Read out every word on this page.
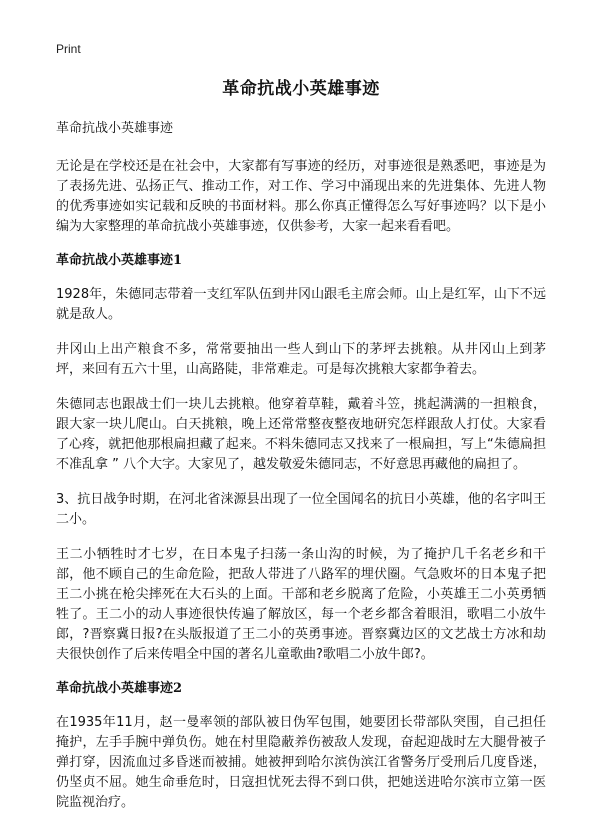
Print
革命抗战小英雄事迹
革命抗战小英雄事迹

无论是在学校还是在社会中，大家都有写事迹的经历，对事迹很是熟悉吧，事迹是为了表扬先进、弘扬正气、推动工作，对工作、学习中涌现出来的先进集体、先进人物的优秀事迹如实记载和反映的书面材料。那么你真正懂得怎么写好事迹吗？以下是小编为大家整理的革命抗战小英雄事迹，仅供参考，大家一起来看看吧。

革命抗战小英雄事迹1

1928年，朱德同志带着一支红军队伍到井冈山跟毛主席会师。山上是红军，山下不远就是敌人。

井冈山上出产粮食不多，常常要抽出一些人到山下的茅坪去挑粮。从井冈山上到茅坪，来回有五六十里，山高路陡，非常难走。可是每次挑粮大家都争着去。

朱德同志也跟战士们一块儿去挑粮。他穿着草鞋，戴着斗笠，挑起满满的一担粮食，跟大家一块儿爬山。白天挑粮，晚上还常常整夜整夜地研究怎样跟敌人打仗。大家看了心疼，就把他那根扁担藏了起来。不料朱德同志又找来了一根扁担，写上“朱德扁担不准乱拿 ” 八个大字。大家见了，越发敬爱朱德同志，不好意思再藏他的扁担了。

3、抗日战争时期，在河北省涞源县出现了一位全国闻名的抗日小英雄，他的名字叫王二小。

王二小牺牲时才七岁，在日本鬼子扫荡一条山沟的时候，为了掩护几千名老乡和干部，他不顾自己的生命危险，把敌人带进了八路军的埋伏圈。气急败坏的日本鬼子把王二小挑在枪尖摔死在大石头的上面。干部和老乡脱离了危险，小英雄王二小英勇牺牲了。王二小的动人事迹很快传遍了解放区，每一个老乡都含着眼泪，歌唱二小放牛郎，?晋察冀日报?在头版报道了王二小的英勇事迹。晋察冀边区的文艺战士方冰和劫夫很快创作了后来传唱全中国的著名儿童歌曲?歌唱二小放牛郎?。

革命抗战小英雄事迹2

在1935年11月，赵一曼率领的部队被日伪军包围，她要团长带部队突围，自己担任掩护，左手手腕中弹负伤。她在村里隐蔽养伤被敌人发现，奋起迎战时左大腿骨被子弹打穿，因流血过多昏迷而被捕。她被押到哈尔滨伪滨江省警务厅受刑后几度昏迷，仍坚贞不屈。她生命垂危时，日寇担忧死去得不到口供，把她送进哈尔滨市立第一医院监视治疗。
